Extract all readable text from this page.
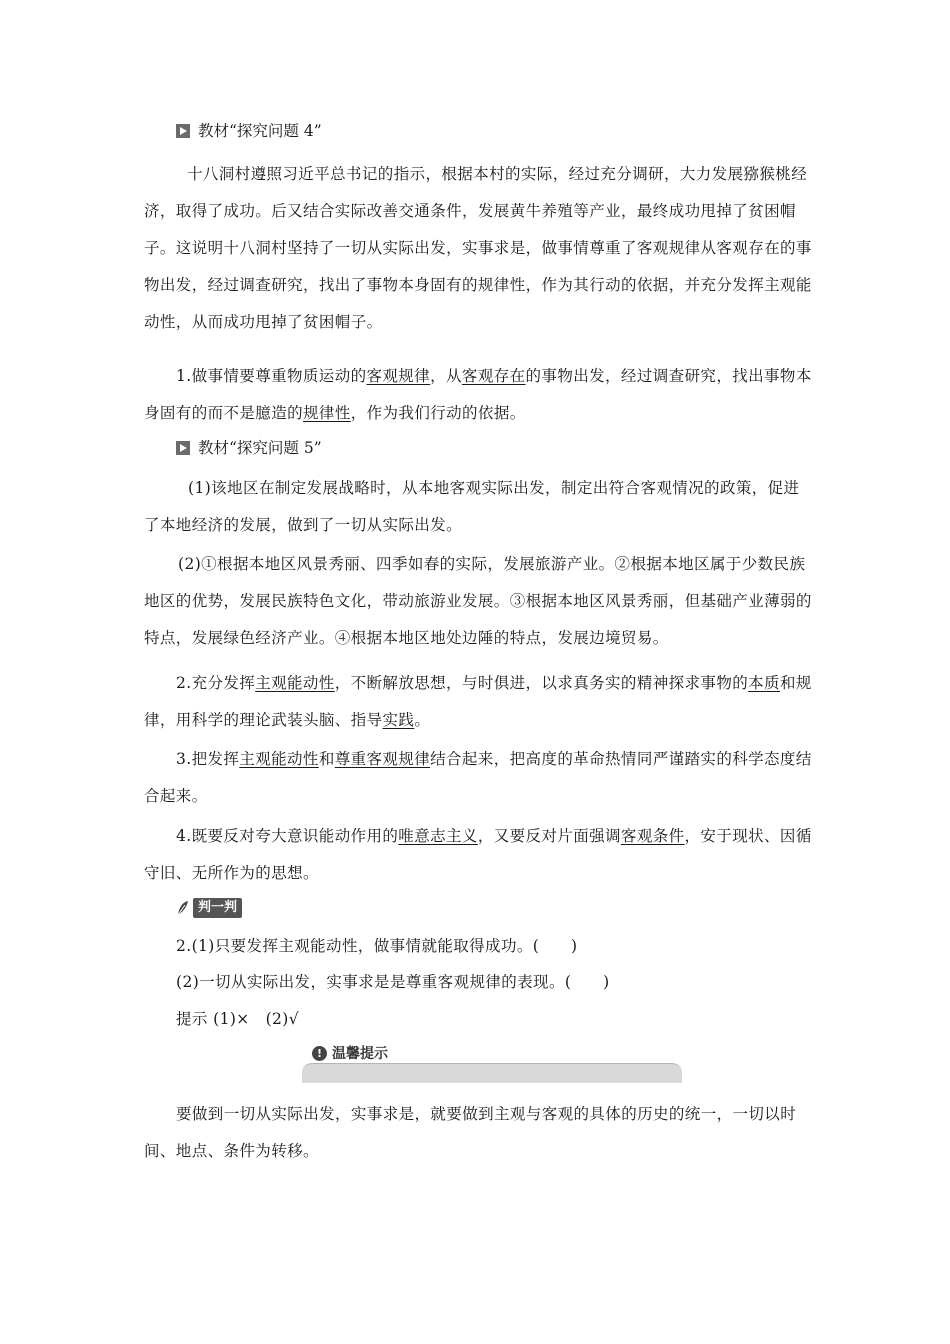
教材“探究问题 4”
十八洞村遵照习近平总书记的指示，根据本村的实际，经过充分调研，大力发展猕猴桃经济，取得了成功。后又结合实际改善交通条件，发展黄牛养殖等产业，最终成功甩掉了贫困帽子。这说明十八洞村坚持了一切从实际出发，实事求是，做事情尊重了客观规律从客观存在的事物出发，经过调查研究，找出了事物本身固有的规律性，作为其行动的依据，并充分发挥主观能动性，从而成功甩掉了贫困帽子。
1.做事情要尊重物质运动的客观规律，从客观存在的事物出发，经过调查研究，找出事物本身固有的而不是臆造的规律性，作为我们行动的依据。
教材“探究问题 5”
(1)该地区在制定发展战略时，从本地客观实际出发，制定出符合客观情况的政策，促进了本地经济的发展，做到了一切从实际出发。
(2)①根据本地区风景秀丽、四季如春的实际，发展旅游产业。②根据本地区属于少数民族地区的优势，发展民族特色文化，带动旅游业发展。③根据本地区风景秀丽，但基础产业薄弱的特点，发展绿色经济产业。④根据本地区地处边陲的特点，发展边境贸易。
2.充分发挥主观能动性，不断解放思想，与时俱进，以求真务实的精神探求事物的本质和规律，用科学的理论武装头脑、指导实践。
3.把发挥主观能动性和尊重客观规律结合起来，把高度的革命热情同严谨踏实的科学态度结合起来。
4.既要反对夸大意识能动作用的唯意志主义，又要反对片面强调客观条件，安于现状、因循守旧、无所作为的思想。
判一判
2.(1)只要发挥主观能动性，做事情就能取得成功。(　　)
(2)一切从实际出发，实事求是是尊重客观规律的表现。(　　)
提示 (1)×　(2)√
! 温馨提示
要做到一切从实际出发，实事求是，就要做到主观与客观的具体的历史的统一，一切以时间、地点、条件为转移。
